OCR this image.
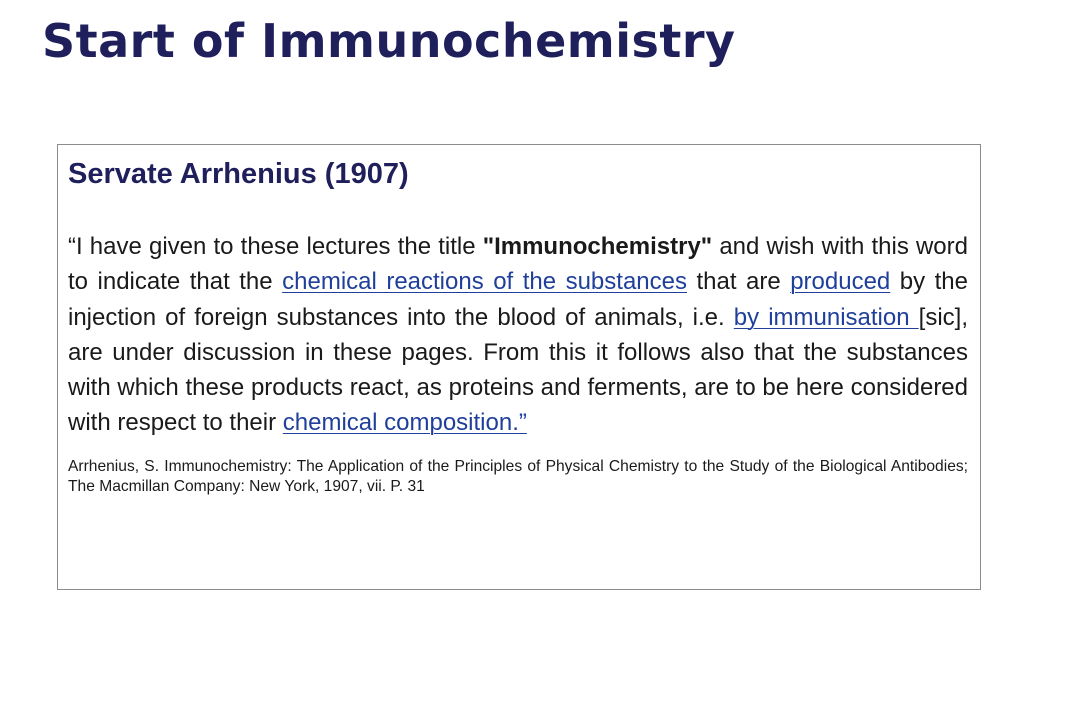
Start of Immunochemistry
Servate Arrhenius (1907)

“I have given to these lectures the title "Immunochemistry" and wish with this word to indicate that the chemical reactions of the substances that are produced by the injection of foreign substances into the blood of animals, i.e. by immunisation [sic], are under discussion in these pages. From this it follows also that the substances with which these products react, as proteins and ferments, are to be here considered with respect to their chemical composition.”

Arrhenius, S. Immunochemistry: The Application of the Principles of Physical Chemistry to the Study of the Biological Antibodies; The Macmillan Company: New York, 1907, vii. P. 31
